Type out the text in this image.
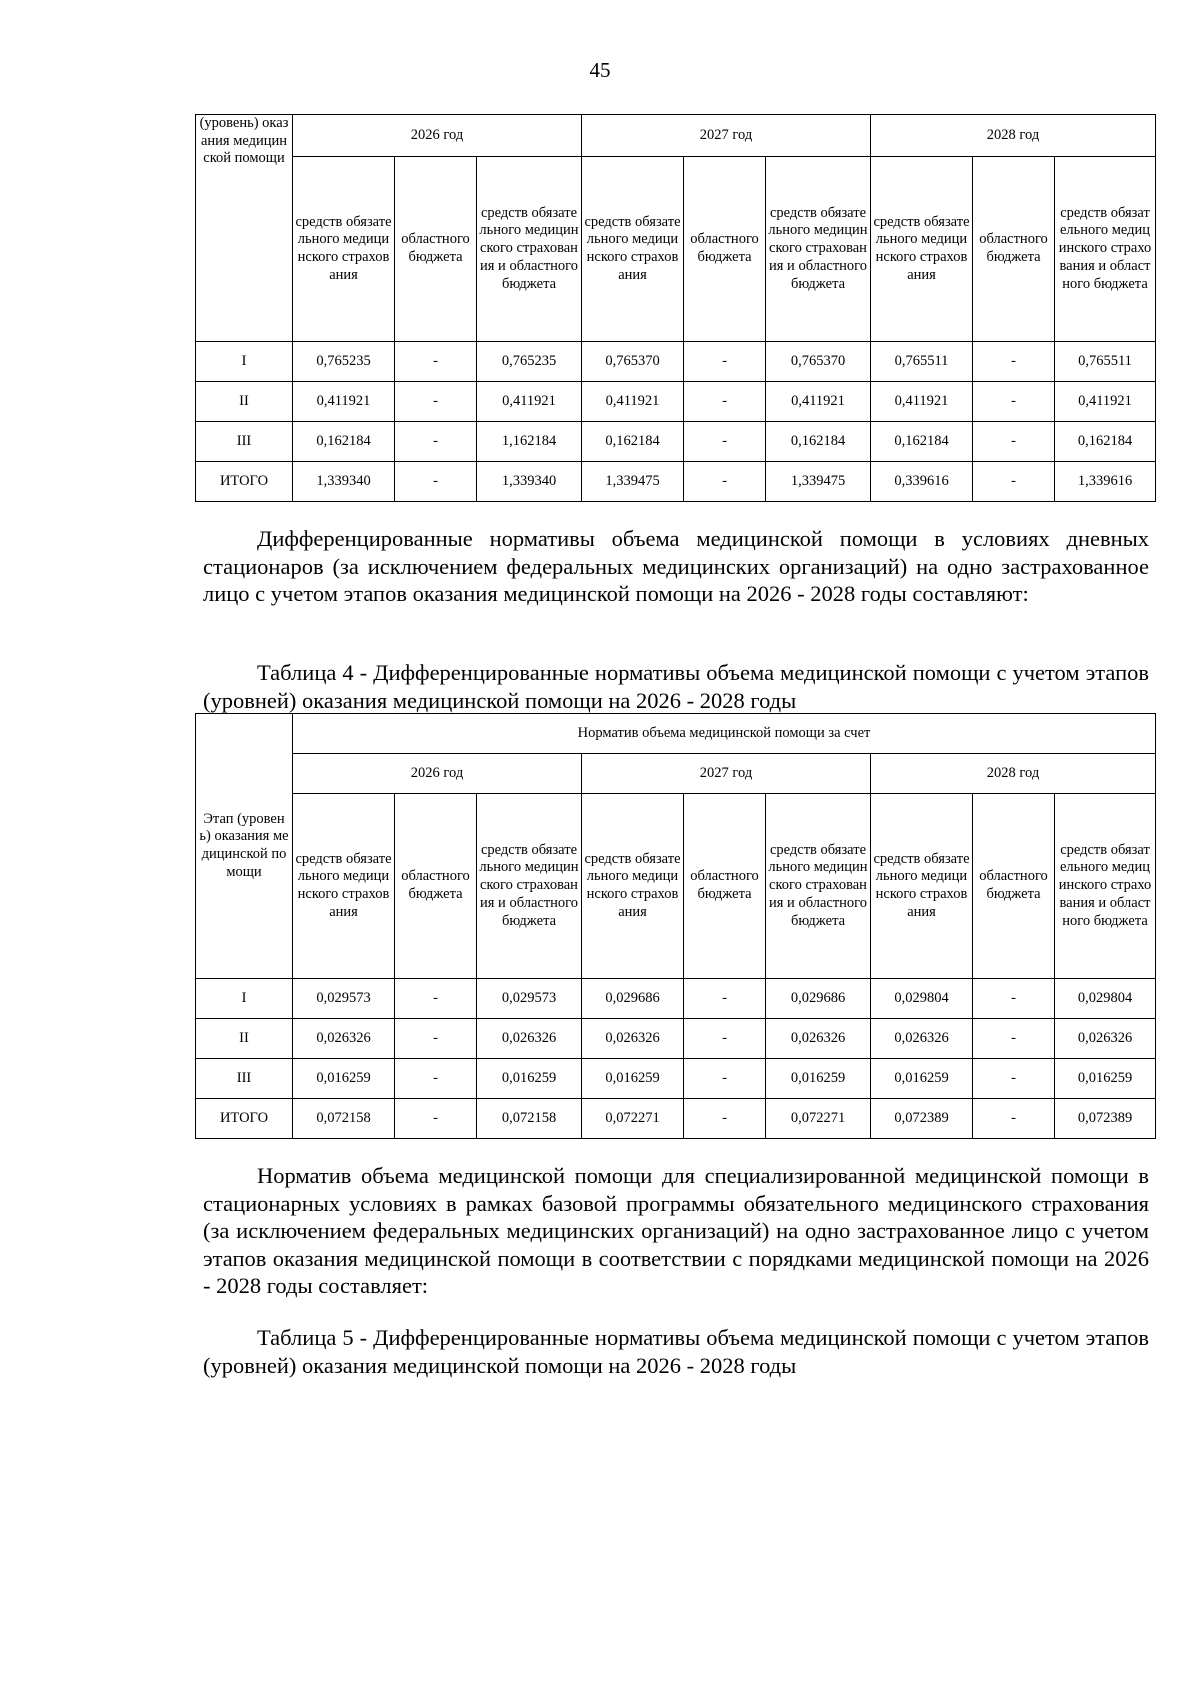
45
(уровень) оказания медицинской помощи	2026 год			2027 год			2028 год		
	средств обязательного медицинского страхования	областного бюджета	средств обязательного медицинского страхования и областного бюджета	средств обязательного медицинского страхования	областного бюджета	средств обязательного медицинского страхования и областного бюджета	средств обязательного медицинского страхования	областного бюджета	средств обязательного медицинского страхования и областного бюджета
I	0,765235	-	0,765235	0,765370	-	0,765370	0,765511	-	0,765511
II	0,411921	-	0,411921	0,411921	-	0,411921	0,411921	-	0,411921
III	0,162184	-	1,162184	0,162184	-	0,162184	0,162184	-	0,162184
ИТОГО	1,339340	-	1,339340	1,339475	-	1,339475	0,339616	-	1,339616

Дифференцированные нормативы объема медицинской помощи в условиях дневных стационаров (за исключением федеральных медицинских организаций) на одно застрахованное лицо с учетом этапов оказания медицинской помощи на 2026 - 2028 годы составляют:

Таблица 4 - Дифференцированные нормативы объема медицинской помощи с учетом этапов (уровней) оказания медицинской помощи на 2026 - 2028 годы

Этап (уровень) оказания медицинской помощи	Норматив объема медицинской помощи за счет								
	2026 год			2027 год			2028 год		
	средств обязательного медицинского страхования	областного бюджета	средств обязательного медицинского страхования и областного бюджета	средств обязательного медицинского страхования	областного бюджета	средств обязательного медицинского страхования и областного бюджета	средств обязательного медицинского страхования	областного бюджета	средств обязательного медицинского страхования и областного бюджета
I	0,029573	-	0,029573	0,029686	-	0,029686	0,029804	-	0,029804
II	0,026326	-	0,026326	0,026326	-	0,026326	0,026326	-	0,026326
III	0,016259	-	0,016259	0,016259	-	0,016259	0,016259	-	0,016259
ИТОГО	0,072158	-	0,072158	0,072271	-	0,072271	0,072389	-	0,072389

Норматив объема медицинской помощи для специализированной медицинской помощи в стационарных условиях в рамках базовой программы обязательного медицинского страхования (за исключением федеральных медицинских организаций) на одно застрахованное лицо с учетом этапов оказания медицинской помощи в соответствии с порядками медицинской помощи на 2026 - 2028 годы составляет:

Таблица 5 - Дифференцированные нормативы объема медицинской помощи с учетом этапов (уровней) оказания медицинской помощи на 2026 - 2028 годы
